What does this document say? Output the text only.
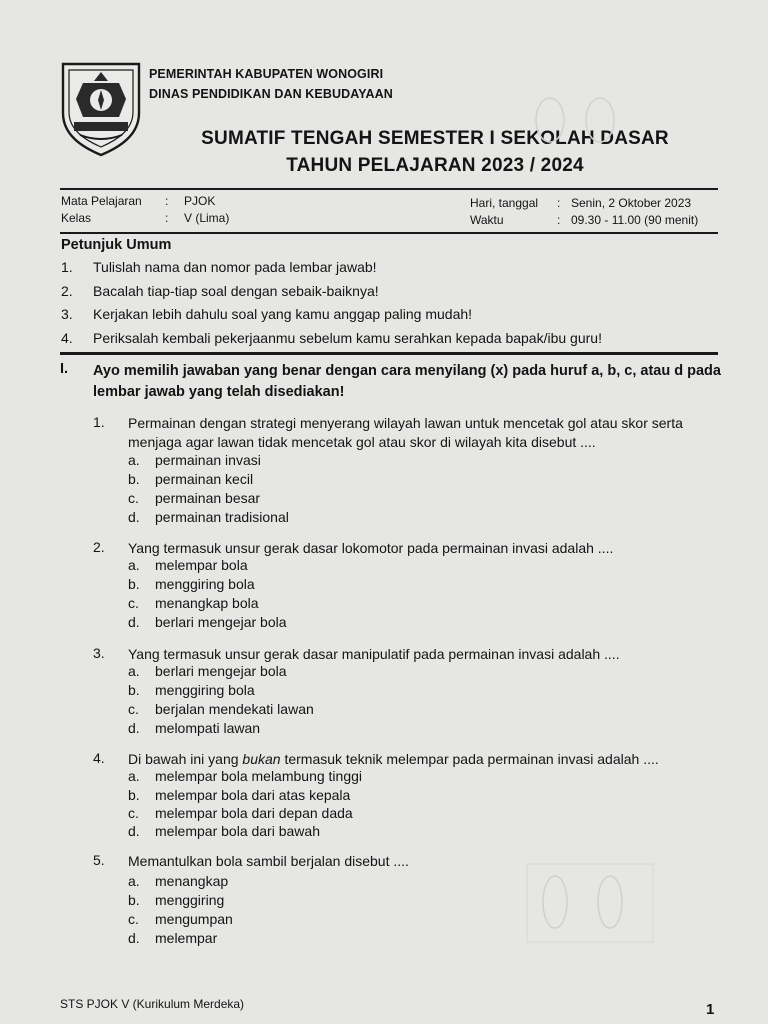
PEMERINTAH KABUPATEN WONOGIRI
DINAS PENDIDIKAN DAN KEBUDAYAAN
SUMATIF TENGAH SEMESTER I SEKOLAH DASAR
TAHUN PELAJARAN 2023 / 2024
Mata Pelajaran : PJOK
Kelas	: V (Lima)
Hari, tanggal : Senin, 2 Oktober 2023
Waktu	: 09.30 - 11.00 (90 menit)
Petunjuk Umum
1. Tulislah nama dan nomor pada lembar jawab!
2. Bacalah tiap-tiap soal dengan sebaik-baiknya!
3. Kerjakan lebih dahulu soal yang kamu anggap paling mudah!
4. Periksalah kembali pekerjaanmu sebelum kamu serahkan kepada bapak/ibu guru!
I. Ayo memilih jawaban yang benar dengan cara menyilang (x) pada huruf a, b, c, atau d pada lembar jawab yang telah disediakan!
1. Permainan dengan strategi menyerang wilayah lawan untuk mencetak gol atau skor serta menjaga agar lawan tidak mencetak gol atau skor di wilayah kita disebut ....
a. permainan invasi
b. permainan kecil
c. permainan besar
d. permainan tradisional
2. Yang termasuk unsur gerak dasar lokomotor pada permainan invasi adalah ....
a. melempar bola
b. menggiring bola
c. menangkap bola
d. berlari mengejar bola
3. Yang termasuk unsur gerak dasar manipulatif pada permainan invasi adalah ....
a. berlari mengejar bola
b. menggiring bola
c. berjalan mendekati lawan
d. melompati lawan
4. Di bawah ini yang bukan termasuk teknik melempar pada permainan invasi adalah ....
a. melempar bola melambung tinggi
b. melempar bola dari atas kepala
c. melempar bola dari depan dada
d. melempar bola dari bawah
5. Memantulkan bola sambil berjalan disebut ....
a. menangkap
b. menggiring
c. mengumpan
d. melempar
STS PJOK V (Kurikulum Merdeka)	1
